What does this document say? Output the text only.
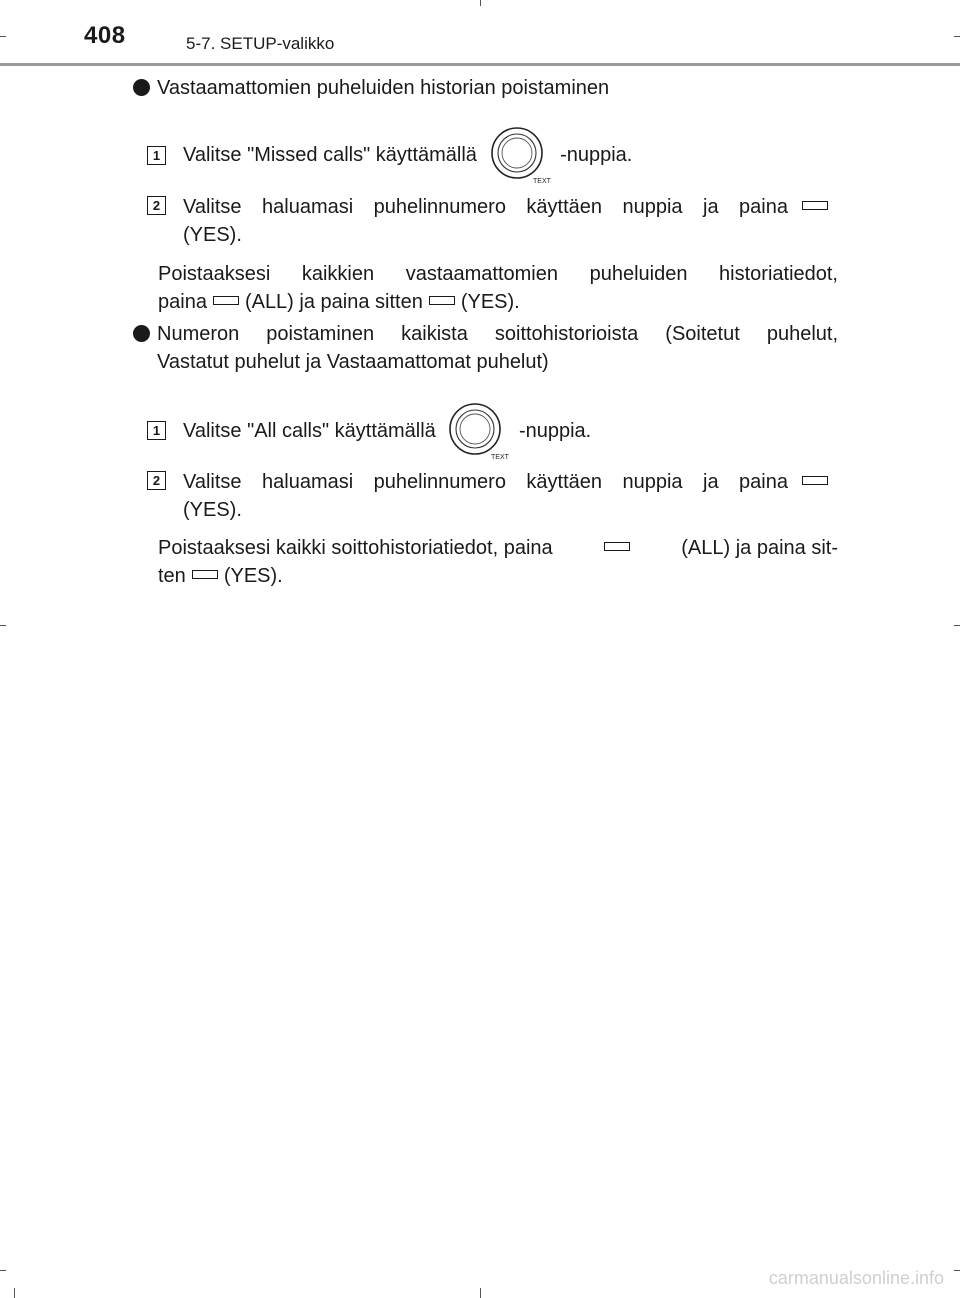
408	5-7. SETUP-valikko
Vastaamattomien puheluiden historian poistaminen
1 Valitse "Missed calls" käyttämällä
TEXT
-nuppia.
2 Valitse haluamasi puhelinnumero käyttäen nuppia ja paina
(YES).
Poistaaksesi kaikkien vastaamattomien puheluiden historiatiedot,
paina (ALL) ja paina sitten (YES).
Numeron poistaminen kaikista soittohistorioista (Soitetut puhelut,
Vastatut puhelut ja Vastaamattomat puhelut)
1 Valitse "All calls" käyttämällä
TEXT
-nuppia.
2 Valitse haluamasi puhelinnumero käyttäen nuppia ja paina
(YES).
Poistaaksesi kaikki soittohistoriatiedot, paina	(ALL) ja paina sit-
ten (YES).
carmanualsonline.info
